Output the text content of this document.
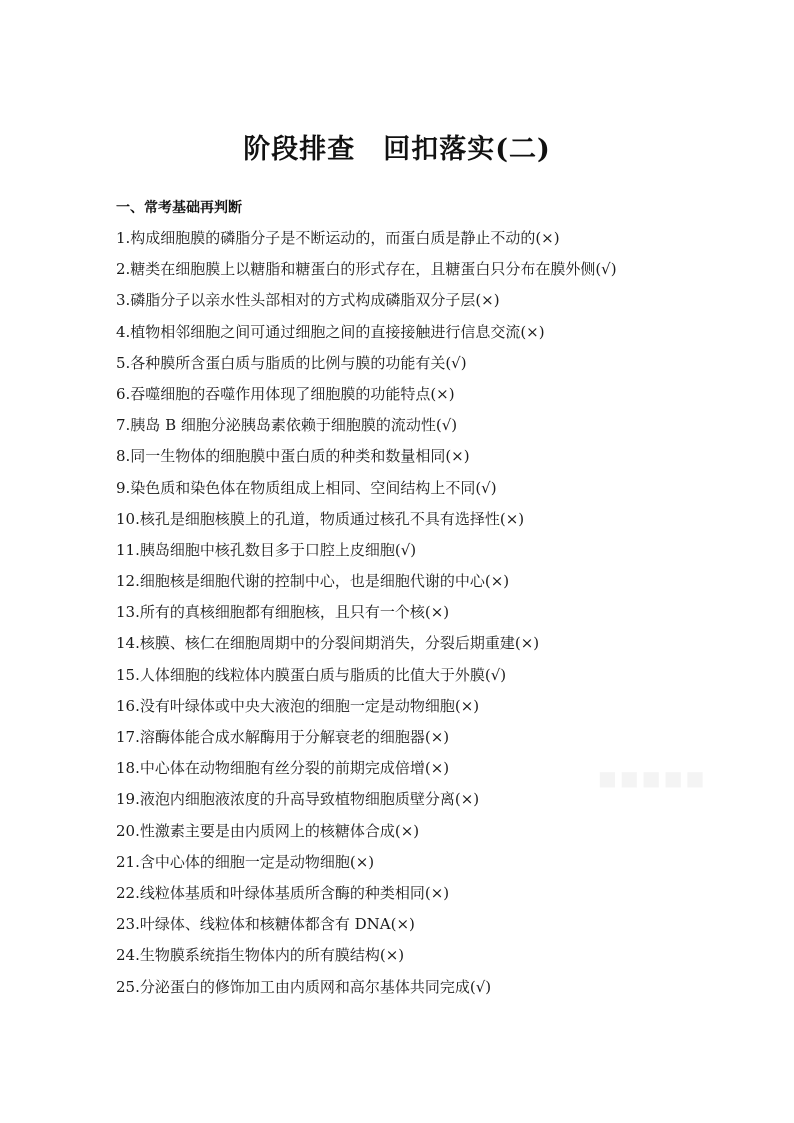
阶段排查　回扣落实(二)
一、常考基础再判断
1.构成细胞膜的磷脂分子是不断运动的，而蛋白质是静止不动的(×)
2.糖类在细胞膜上以糖脂和糖蛋白的形式存在，且糖蛋白只分布在膜外侧(√)
3.磷脂分子以亲水性头部相对的方式构成磷脂双分子层(×)
4.植物相邻细胞之间可通过细胞之间的直接接触进行信息交流(×)
5.各种膜所含蛋白质与脂质的比例与膜的功能有关(√)
6.吞噬细胞的吞噬作用体现了细胞膜的功能特点(×)
7.胰岛 B 细胞分泌胰岛素依赖于细胞膜的流动性(√)
8.同一生物体的细胞膜中蛋白质的种类和数量相同(×)
9.染色质和染色体在物质组成上相同、空间结构上不同(√)
10.核孔是细胞核膜上的孔道，物质通过核孔不具有选择性(×)
11.胰岛细胞中核孔数目多于口腔上皮细胞(√)
12.细胞核是细胞代谢的控制中心，也是细胞代谢的中心(×)
13.所有的真核细胞都有细胞核，且只有一个核(×)
14.核膜、核仁在细胞周期中的分裂间期消失，分裂后期重建(×)
15.人体细胞的线粒体内膜蛋白质与脂质的比值大于外膜(√)
16.没有叶绿体或中央大液泡的细胞一定是动物细胞(×)
17.溶酶体能合成水解酶用于分解衰老的细胞器(×)
18.中心体在动物细胞有丝分裂的前期完成倍增(×)
19.液泡内细胞液浓度的升高导致植物细胞质壁分离(×)
20.性激素主要是由内质网上的核糖体合成(×)
21.含中心体的细胞一定是动物细胞(×)
22.线粒体基质和叶绿体基质所含酶的种类相同(×)
23.叶绿体、线粒体和核糖体都含有 DNA(×)
24.生物膜系统指生物体内的所有膜结构(×)
25.分泌蛋白的修饰加工由内质网和高尔基体共同完成(√)
